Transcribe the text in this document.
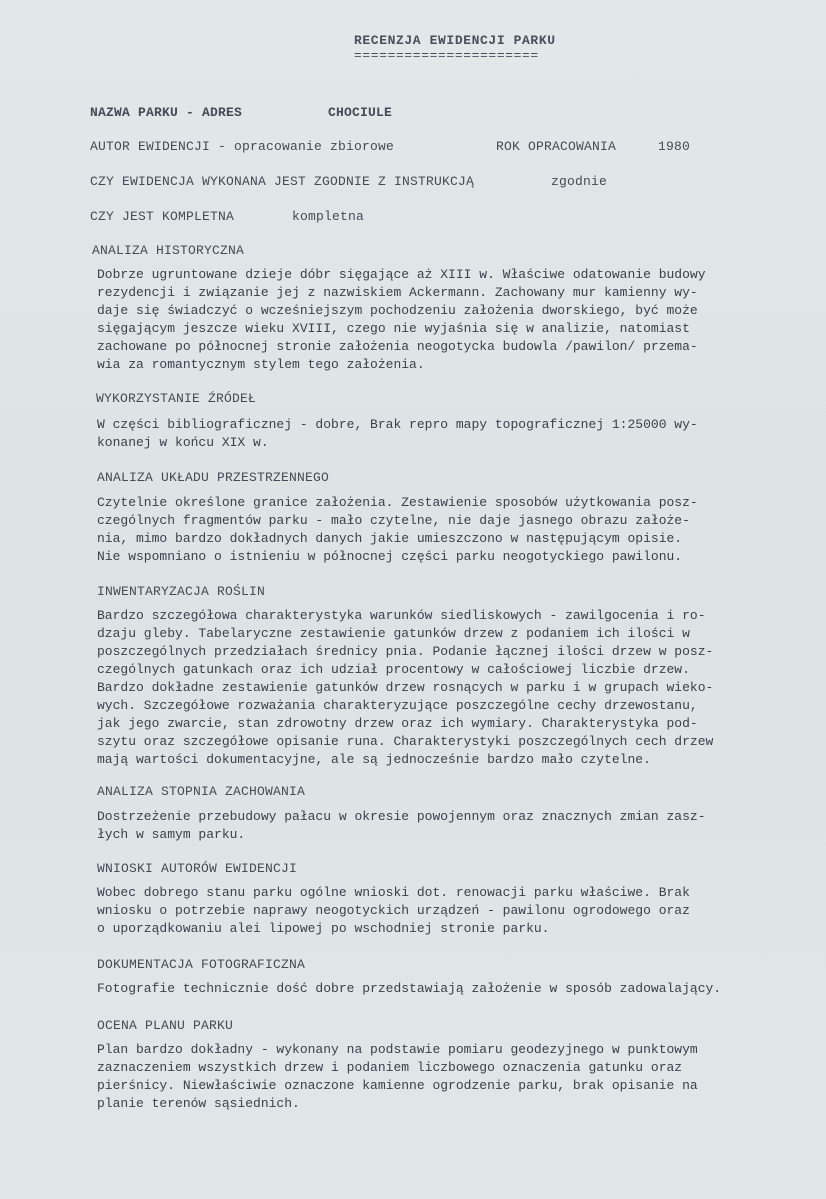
RECENZJA EWIDENCJI PARKU
======================
NAZWA PARKU - ADRES	CHOCIULE
AUTOR EWIDENCJI - opracowanie zbiorowe	ROK OPRACOWANIA	1980
CZY EWIDENCJA WYKONANA JEST ZGODNIE Z INSTRUKCJĄ	zgodnie
CZY JEST KOMPLETNA	kompletna
ANALIZA HISTORYCZNA
Dobrze ugruntowane dzieje dóbr sięgające aż XIII w. Właściwe odatowanie budowy
rezydencji i związanie jej z nazwiskiem Ackermann. Zachowany mur kamienny wy-
daje się świadczyć o wcześniejszym pochodzeniu założenia dworskiego, być może
sięgającym jeszcze wieku XVIII, czego nie wyjaśnia się w analizie, natomiast
zachowane po północnej stronie założenia neogotycka budowla /pawilon/ przema-
wia za romantycznym stylem tego założenia.
WYKORZYSTANIE ŹRÓDEŁ
W części bibliograficznej - dobre, Brak repro mapy topograficznej 1:25000 wy-
konanej w końcu XIX w.
ANALIZA UKŁADU PRZESTRZENNEGO
Czytelnie określone granice założenia. Zestawienie sposobów użytkowania posz-
czególnych fragmentów parku - mało czytelne, nie daje jasnego obrazu założe-
nia, mimo bardzo dokładnych danych jakie umieszczono w następującym opisie.
Nie wspomniano o istnieniu w północnej części parku neogotyckiego pawilonu.
INWENTARYZACJA ROŚLIN
Bardzo szczegółowa charakterystyka warunków siedliskowych - zawilgocenia i ro-
dzaju gleby. Tabelaryczne zestawienie gatunków drzew z podaniem ich ilości w
poszczególnych przedziałach średnicy pnia. Podanie łącznej ilości drzew w posz-
czególnych gatunkach oraz ich udział procentowy w całościowej liczbie drzew.
Bardzo dokładne zestawienie gatunków drzew rosnących w parku i w grupach wieko-
wych. Szczegółowe rozważania charakteryzujące poszczególne cechy drzewostanu,
jak jego zwarcie, stan zdrowotny drzew oraz ich wymiary. Charakterystyka pod-
szytu oraz szczegółowe opisanie runa. Charakterystyki poszczególnych cech drzew
mają wartości dokumentacyjne, ale są jednocześnie bardzo mało czytelne.
ANALIZA STOPNIA ZACHOWANIA
Dostrzeżenie przebudowy pałacu w okresie powojennym oraz znacznych zmian zasz-
łych w samym parku.
WNIOSKI AUTORÓW EWIDENCJI
Wobec dobrego stanu parku ogólne wnioski dot. renowacji parku właściwe. Brak
wniosku o potrzebie naprawy neogotyckich urządzeń - pawilonu ogrodowego oraz
o uporządkowaniu alei lipowej po wschodniej stronie parku.
DOKUMENTACJA FOTOGRAFICZNA
Fotografie technicznie dość dobre przedstawiają założenie w sposób zadowalający.
OCENA PLANU PARKU
Plan bardzo dokładny - wykonany na podstawie pomiaru geodezyjnego w punktowym
zaznaczeniem wszystkich drzew i podaniem liczbowego oznaczenia gatunku oraz
pierśnicy. Niewłaściwie oznaczone kamienne ogrodzenie parku, brak opisanie na
planie terenów sąsiednich.
